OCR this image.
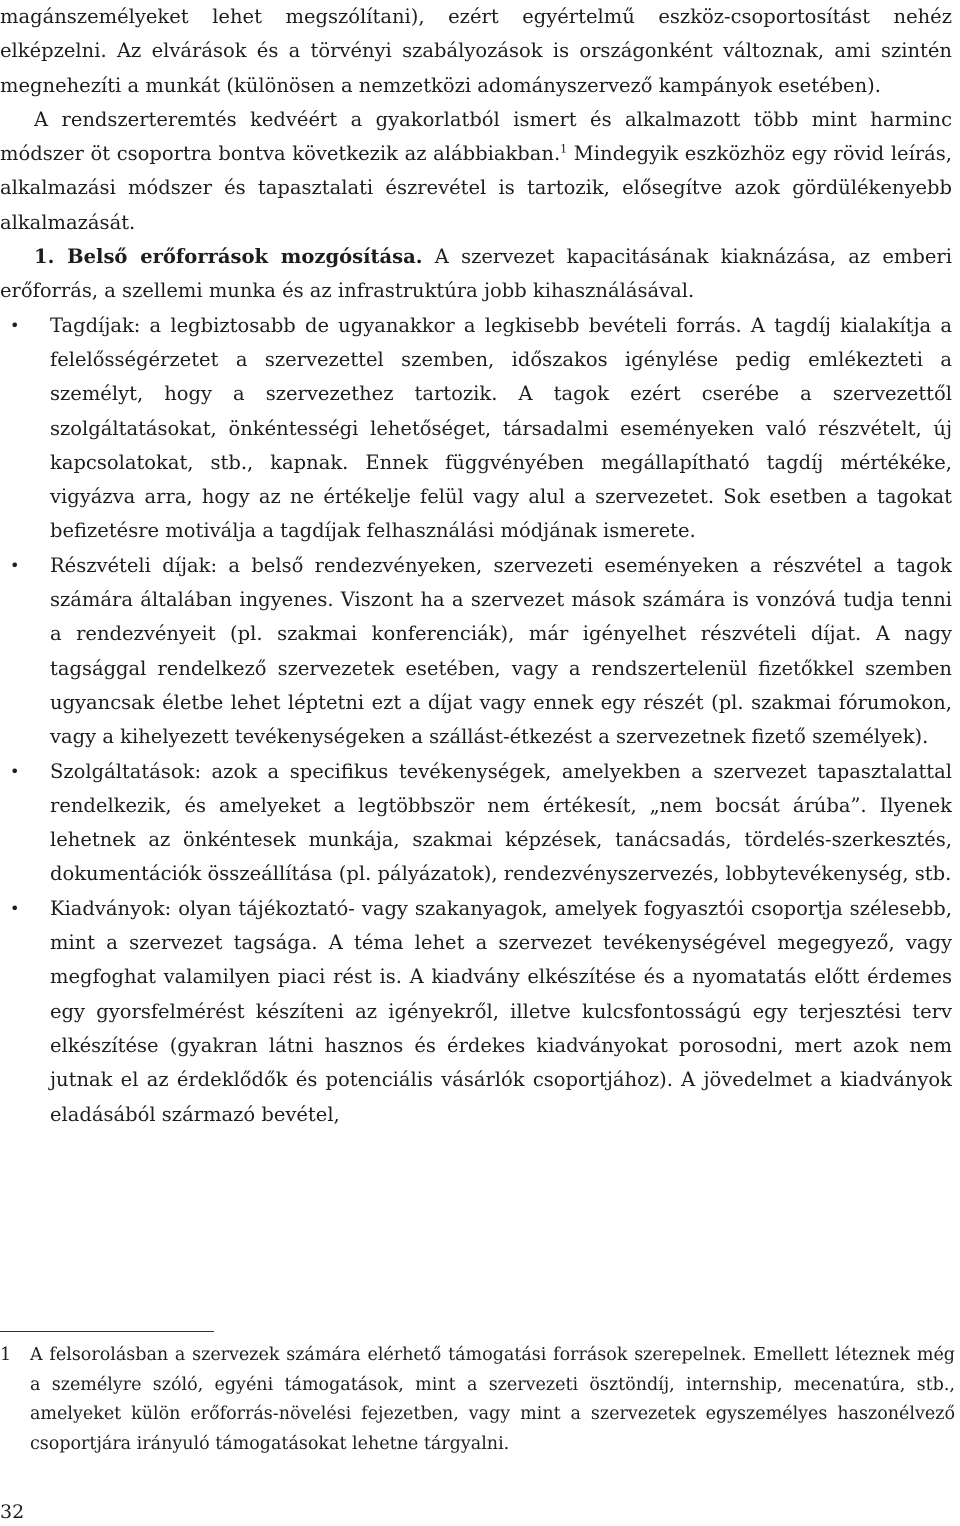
magánszemélyeket lehet megszólítani), ezért egyértelmű eszköz-csoportosítást nehéz elképzelni. Az elvárások és a törvényi szabályozások is országonként változnak, ami szintén megnehezíti a munkát (különösen a nemzetközi adományszervező kampányok esetében).

A rendszerteremtés kedvéért a gyakorlatból ismert és alkalmazott több mint harminc módszer öt csoportra bontva következik az alábbiakban.$^1$ Mindegyik eszközhöz egy rövid leírás, alkalmazási módszer és tapasztalati észrevétel is tartozik, elősegítve azok gördülékenyebb alkalmazását.

1. Belső erőforrások mozgósítása. A szervezet kapacitásának kiaknázása, az emberi erőforrás, a szellemi munka és az infrastruktúra jobb kihasználásával.

• Tagdíjak: a legbiztosabb de ugyanakkor a legkisebb bevételi forrás. A tagdíj kialakítja a felelősségérzetet a szervezettel szemben, időszakos igénylése pedig emlékezteti a személyt, hogy a szervezethez tartozik. A tagok ezért cserébe a szervezettől szolgáltatásokat, önkéntességi lehetőséget, társadalmi eseményeken való részvételt, új kapcsolatokat, stb., kapnak. Ennek függvényében megállapítható tagdíj mértékéke, vigyázva arra, hogy az ne értékelje felül vagy alul a szervezetet. Sok esetben a tagokat befizetésre motiválja a tagdíjak felhasználási módjának ismerete.
• Részvételi díjak: a belső rendezvényeken, szervezeti eseményeken a részvétel a tagok számára általában ingyenes. Viszont ha a szervezet mások számára is vonzóvá tudja tenni a rendezvényeit (pl. szakmai konferenciák), már igényelhet részvételi díjat. A nagy tagsággal rendelkező szervezetek esetében, vagy a rendszertelenül fizetőkkel szemben ugyancsak életbe lehet léptetni ezt a díjat vagy ennek egy részét (pl. szakmai fórumokon, vagy a kihelyezett tevékenységeken a szállást-étkezést a szervezetnek fizető személyek).
• Szolgáltatások: azok a specifikus tevékenységek, amelyekben a szervezet tapasztalattal rendelkezik, és amelyeket a legtöbbször nem értékesít, „nem bocsát árúba”. Ilyenek lehetnek az önkéntesek munkája, szakmai képzések, tanácsadás, tördelés-szerkesztés, dokumentációk összeállítása (pl. pályázatok), rendezvényszervezés, lobbytevékenység, stb.
• Kiadványok: olyan tájékoztató- vagy szakanyagok, amelyek fogyasztói csoportja szélesebb, mint a szervezet tagsága. A téma lehet a szervezet tevékenységével megegyező, vagy megfoghat valamilyen piaci rést is. A kiadvány elkészítése és a nyomatatás előtt érdemes egy gyorsfelmérést készíteni az igényekről, illetve kulcsfontosságú egy terjesztési terv elkészítése (gyakran látni hasznos és érdekes kiadványokat porosodni, mert azok nem jutnak el az érdeklődők és potenciális vásárlók csoportjához). A jövedelmet a kiadványok eladásából származó bevétel,
1	A felsorolásban a szervezek számára elérhető támogatási források szerepelnek. Emellett léteznek még a személyre szóló, egyéni támogatások, mint a szervezeti ösztöndíj, internship, mecenatúra, stb., amelyeket külön erőforrás-növelési fejezetben, vagy mint a szervezetek egyszemélyes haszonélvező csoportjára irányuló támogatásokat lehetne tárgyalni.
32
